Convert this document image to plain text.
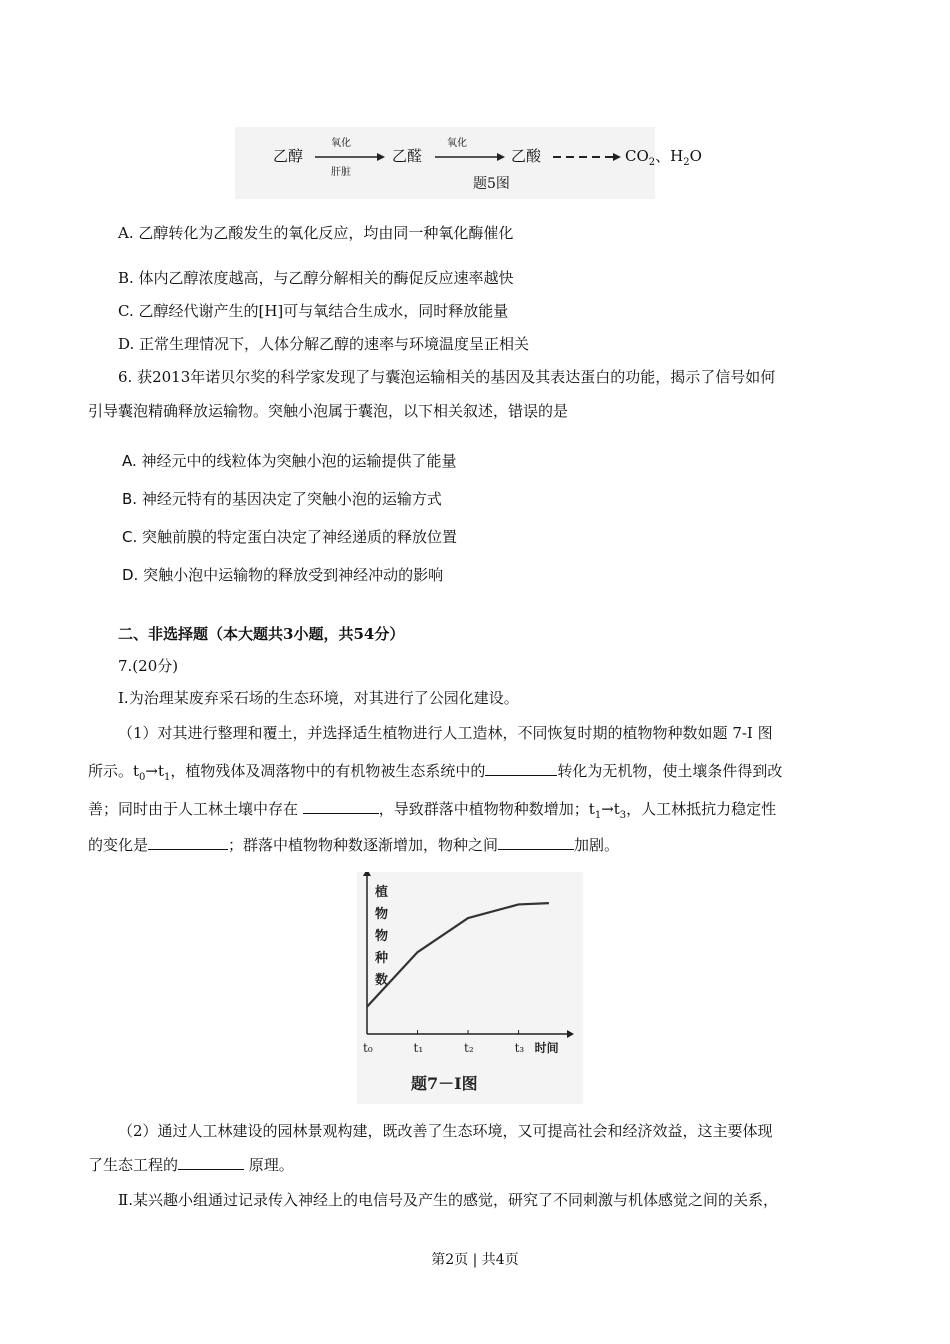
乙醇
氧化
肝脏
乙醛
氧化
乙酸	$CO_2$、$H_2O$
题5图
A. 乙醇转化为乙酸发生的氧化反应，均由同一种氧化酶催化
B. 体内乙醇浓度越高，与乙醇分解相关的酶促反应速率越快
C. 乙醇经代谢产生的[H]可与氧结合生成水，同时释放能量
D. 正常生理情况下，人体分解乙醇的速率与环境温度呈正相关
6. 获2013年诺贝尔奖的科学家发现了与囊泡运输相关的基因及其表达蛋白的功能，揭示了信号如何
引导囊泡精确释放运输物。突触小泡属于囊泡，以下相关叙述，错误的是
A. 神经元中的线粒体为突触小泡的运输提供了能量
B. 神经元特有的基因决定了突触小泡的运输方式
C. 突触前膜的特定蛋白决定了神经递质的释放位置
D. 突触小泡中运输物的释放受到神经冲动的影响
二、非选择题（本大题共3小题，共54分）
7.(20分)
Ⅰ.为治理某废弃采石场的生态环境，对其进行了公园化建设。
（1）对其进行整理和覆土，并选择适生植物进行人工造林，不同恢复时期的植物物种数如题 7-Ⅰ 图
所示。$t_0\to t_1$，植物残体及凋落物中的有机物被生态系统中的	转化为无机物，使土壤条件得到改
善；同时由于人工林土壤中存在	，导致群落中植物物种数增加；$t_1\to t_3$，人工林抵抗力稳定性
的变化是	；群落中植物物种数逐渐增加，物种之间	加剧。
植
物
物
种
数
t₀	t₁	t₂	t₃ 时间
题7－Ⅰ图
（2）通过人工林建设的园林景观构建，既改善了生态环境，又可提高社会和经济效益，这主要体现
了生态工程的	原理。
Ⅱ.某兴趣小组通过记录传入神经上的电信号及产生的感觉，研究了不同刺激与机体感觉之间的关系，
第2页 | 共4页
